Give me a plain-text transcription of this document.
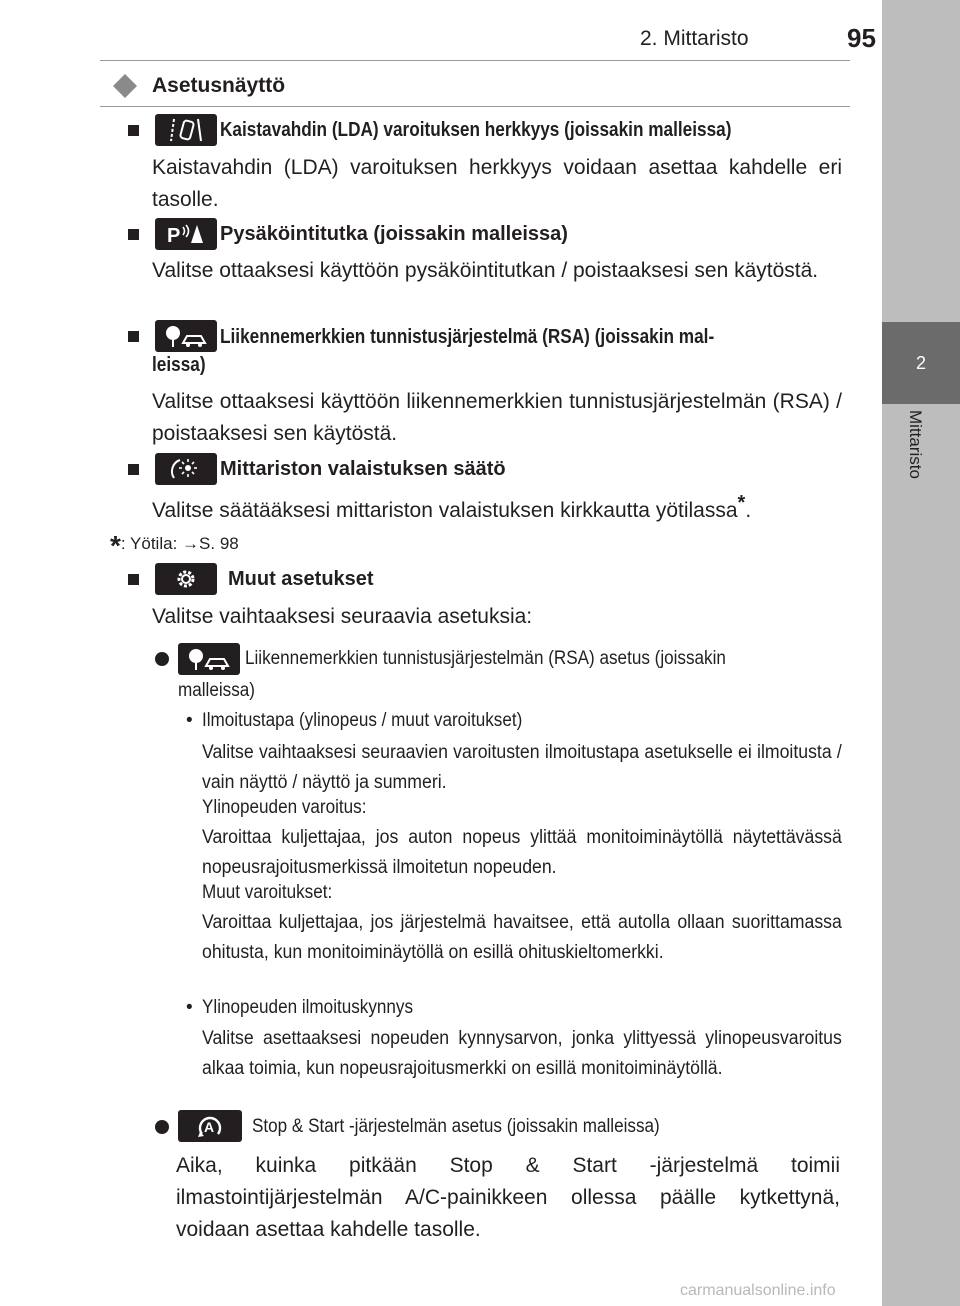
2. Mittaristo	95
2
Mittaristo
Asetusnäyttö
Kaistavahdin (LDA) varoituksen herkkyys (joissakin malleissa)
Kaistavahdin (LDA) varoituksen herkkyys voidaan asettaa kahdelle eri tasolle.
P Pysäköintitutka (joissakin malleissa)
Valitse ottaaksesi käyttöön pysäköintitutkan / poistaaksesi sen käytöstä.
Liikennemerkkien tunnistusjärjestelmä (RSA) (joissakin mal-
leissa)
Valitse ottaaksesi käyttöön liikennemerkkien tunnistusjärjestelmän (RSA) / poistaaksesi sen käytöstä.
Mittariston valaistuksen säätö
Valitse säätääksesi mittariston valaistuksen kirkkautta yötilassa*.
*: Yötila: →S. 98
Muut asetukset
Valitse vaihtaaksesi seuraavia asetuksia:
Liikennemerkkien tunnistusjärjestelmän (RSA) asetus (joissakin
malleissa)
• Ilmoitustapa (ylinopeus / muut varoitukset)
Valitse vaihtaaksesi seuraavien varoitusten ilmoitustapa asetukselle ei ilmoitusta / vain näyttö / näyttö ja summeri.
Ylinopeuden varoitus:
Varoittaa kuljettajaa, jos auton nopeus ylittää monitoiminäytöllä näytettävässä nopeusrajoitusmerkissä ilmoitetun nopeuden.
Muut varoitukset:
Varoittaa kuljettajaa, jos järjestelmä havaitsee, että autolla ollaan suorittamassa ohitusta, kun monitoiminäytöllä on esillä ohituskieltomerkki.
• Ylinopeuden ilmoituskynnys
Valitse asettaaksesi nopeuden kynnysarvon, jonka ylittyessä ylinopeusvaroitus alkaa toimia, kun nopeusrajoitusmerkki on esillä monitoiminäytöllä.
A Stop & Start -järjestelmän asetus (joissakin malleissa)
Aika, kuinka pitkään Stop & Start -järjestelmä toimii ilmastointijärjestelmän A/C-painikkeen ollessa päälle kytkettynä, voidaan asettaa kahdelle tasolle.
carmanualsonline.info
